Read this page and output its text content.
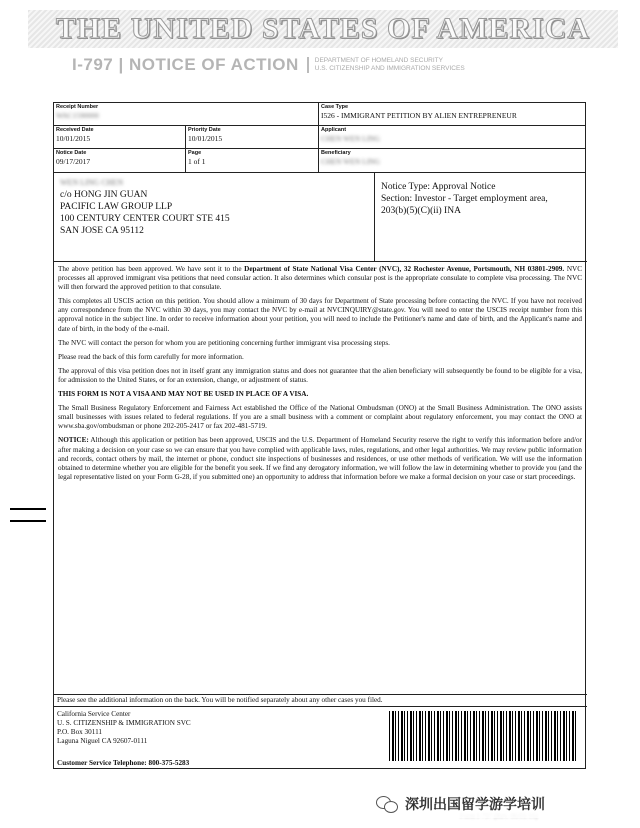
THE UNITED STATES OF AMERICA
I-797 | NOTICE OF ACTION DEPARTMENT OF HOMELAND SECURITY
U.S. CITIZENSHIP AND IMMIGRATION SERVICES
Receipt Number
WAC1590000
Case Type
I526 - IMMIGRANT PETITION BY ALIEN ENTREPRENEUR
Received Date
10/01/2015
Priority Date
10/01/2015
Applicant
CHEN WEN LING
Notice Date
09/17/2017
Page
1 of 1
Beneficiary
CHEN WEN LING
WEN LING CHEN
c/o HONG JIN GUAN
PACIFIC LAW GROUP LLP
100 CENTURY CENTER COURT STE 415
SAN JOSE CA 95112
Notice Type: Approval Notice
Section: Investor - Target employment area,
203(b)(5)(C)(ii) INA

The above petition has been approved. We have sent it to the Department of State National Visa Center (NVC), 32 Rochester Avenue, Portsmouth, NH 03801-2909. NVC processes all approved immigrant visa petitions that need consular action. It also determines which consular post is the appropriate consulate to complete visa processing. The NVC will then forward the approved petition to that consulate.

This completes all USCIS action on this petition. You should allow a minimum of 30 days for Department of State processing before contacting the NVC. If you have not received any correspondence from the NVC within 30 days, you may contact the NVC by e-mail at NVCINQUIRY@state.gov. You will need to enter the USCIS receipt number from this approval notice in the subject line. In order to receive information about your petition, you will need to include the Petitioner's name and date of birth, and the Applicant's name and date of birth, in the body of the e-mail.

The NVC will contact the person for whom you are petitioning concerning further immigrant visa processing steps.

Please read the back of this form carefully for more information.

The approval of this visa petition does not in itself grant any immigration status and does not guarantee that the alien beneficiary will subsequently be found to be eligible for a visa, for admission to the United States, or for an extension, change, or adjustment of status.

THIS FORM IS NOT A VISA AND MAY NOT BE USED IN PLACE OF A VISA.

The Small Business Regulatory Enforcement and Fairness Act established the Office of the National Ombudsman (ONO) at the Small Business Administration. The ONO assists small businesses with issues related to federal regulations. If you are a small business with a comment or complaint about regulatory enforcement, you may contact the ONO at www.sba.gov/ombudsman or phone 202-205-2417 or fax 202-481-5719.

NOTICE: Although this application or petition has been approved, USCIS and the U.S. Department of Homeland Security reserve the right to verify this information before and/or after making a decision on your case so we can ensure that you have complied with applicable laws, rules, regulations, and other legal authorities. We may review public information and records, contact others by mail, the internet or phone, conduct site inspections of businesses and residences, or use other methods of verification. We will use the information obtained to determine whether you are eligible for the benefit you seek. If we find any derogatory information, we will follow the law in determining whether to provide you (and the legal representative listed on your Form G-28, if you submitted one) an opportunity to address that information before we make a formal decision on your case or start proceedings.

Please see the additional information on the back. You will be notified separately about any other cases you filed.
California Service Center
U. S. CITIZENSHIP & IMMIGRATION SVC
P.O. Box 30111
Laguna Niguel CA 92607-0111
Customer Service Telephone: 800-375-5283
深圳出国留学游学培训
